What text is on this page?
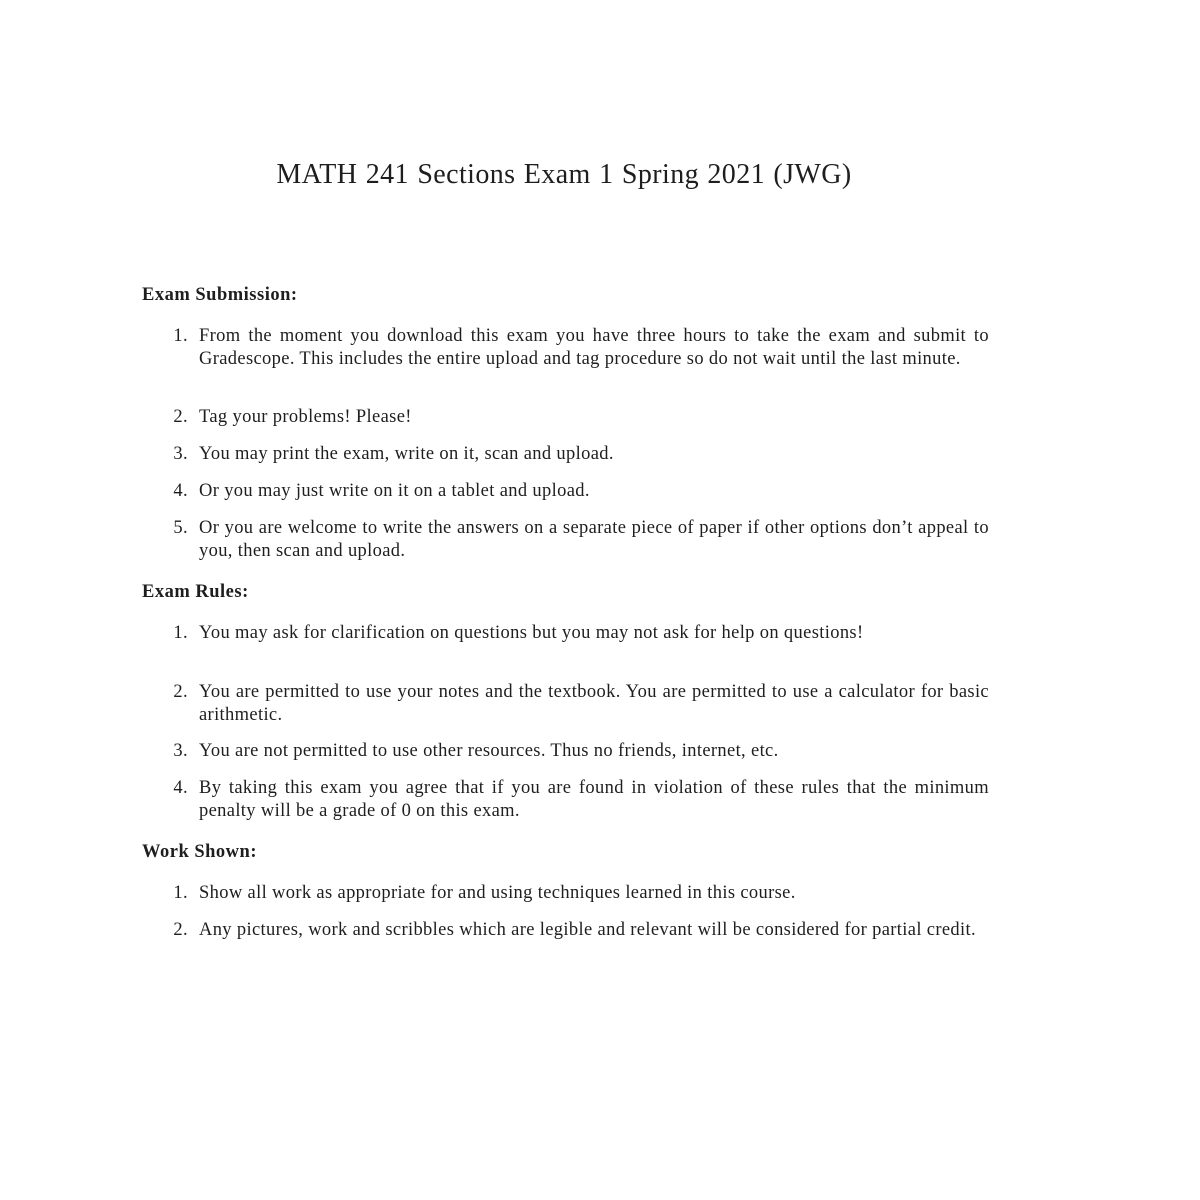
MATH 241 Sections Exam 1 Spring 2021 (JWG)
Exam Submission:
1. From the moment you download this exam you have three hours to take the exam and submit to Gradescope. This includes the entire upload and tag procedure so do not wait until the last minute.
2. Tag your problems! Please!
3. You may print the exam, write on it, scan and upload.
4. Or you may just write on it on a tablet and upload.
5. Or you are welcome to write the answers on a separate piece of paper if other options don’t appeal to you, then scan and upload.
Exam Rules:
1. You may ask for clarification on questions but you may not ask for help on questions!
2. You are permitted to use your notes and the textbook. You are permitted to use a calculator for basic arithmetic.
3. You are not permitted to use other resources. Thus no friends, internet, etc.
4. By taking this exam you agree that if you are found in violation of these rules that the minimum penalty will be a grade of 0 on this exam.
Work Shown:
1. Show all work as appropriate for and using techniques learned in this course.
2. Any pictures, work and scribbles which are legible and relevant will be considered for partial credit.
